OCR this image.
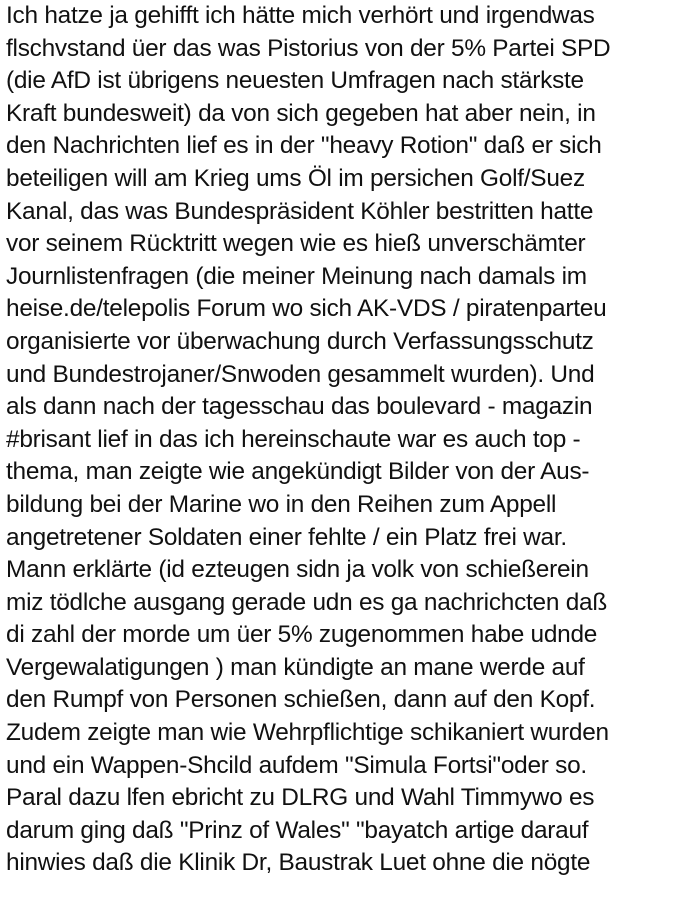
Ich hatze ja gehifft ich hätte mich verhört und irgendwas
flschvstand üer das was Pistorius von der 5% Partei SPD
(die AfD ist übrigens neuesten Umfragen nach stärkste
Kraft bundesweit) da von sich gegeben hat aber nein, in
den Nachrichten lief es in der "heavy Rotion" daß er sich
beteiligen will am Krieg ums Öl im persichen Golf/Suez
Kanal, das was Bundespräsident Köhler bestritten hatte
vor seinem Rücktritt wegen wie es hieß unverschämter
Journlistenfragen (die meiner Meinung nach damals im
heise.de/telepolis Forum wo sich AK-VDS / piratenparteu
organisierte vor überwachung durch Verfassungsschutz
und Bundestrojaner/Snwoden gesammelt wurden). Und
als dann nach der tagesschau das boulevard - magazin
#brisant lief in das ich hereinschaute war es auch top -
thema, man zeigte wie angekündigt Bilder von der Aus-
bildung bei der Marine wo in den Reihen zum Appell
angetretener Soldaten einer fehlte / ein Platz frei war.
Mann erklärte (id ezteugen sidn ja volk von schießerein
miz tödlche ausgang gerade udn es ga nachrichcten daß
di zahl der morde um üer 5% zugenommen habe udnde
Vergewalatigungen ) man kündigte an mane werde auf
den Rumpf von Personen schießen, dann auf den Kopf.
Zudem zeigte man wie Wehrpflichtige schikaniert wurden
und ein Wappen-Shcild aufdem "Simula Fortsi"oder so.
Paral dazu lfen ebricht zu DLRG und Wahl Timmywo es
darum ging daß "Prinz of Wales" "bayatch artige darauf
hinwies daß die Klinik Dr, Baustrak Luet ohne die nögte
